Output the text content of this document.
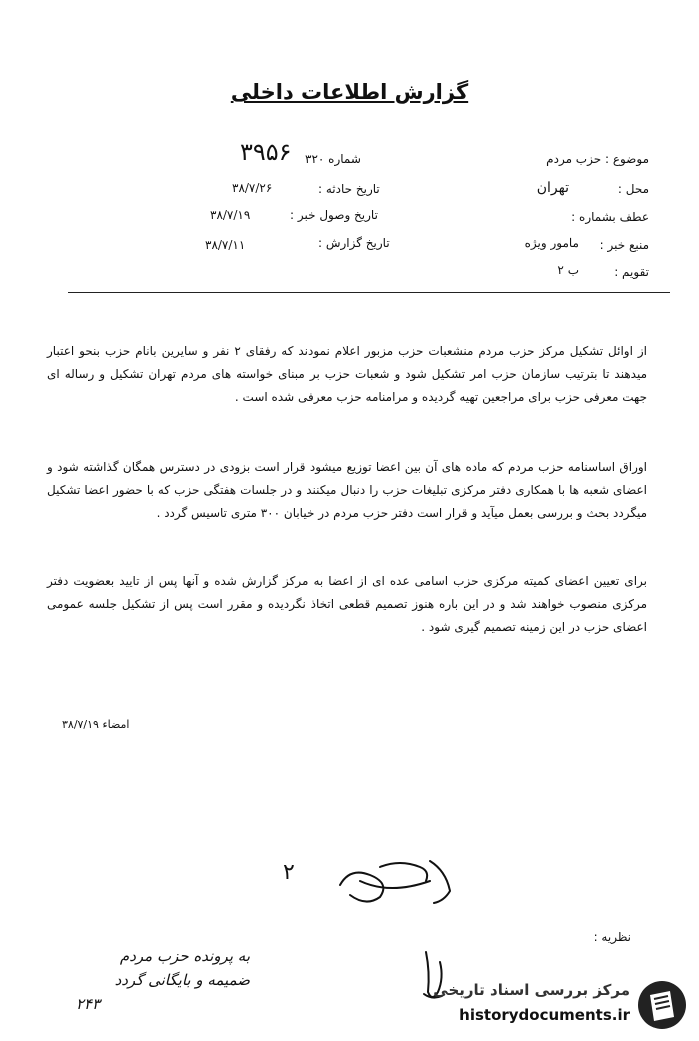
گزارش اطلاعات داخلی
موضوع : حزب مردم
محل :
تهران
عطف بشماره :
منبع خبر :
مامور ویژه
تقویم :
ب ۲
شماره ۳۲۰
۳۹۵۶
تاریخ حادثه :
۳۸/۷/۲۶
تاریخ وصول خبر :
۳۸/۷/۱۹
تاریخ گزارش :
۳۸/۷/۱۱
از اوائل تشکیل مرکز حزب مردم منشعبات حزب مزبور اعلام نمودند که رفقای ۲ نفر و سایرین بانام حزب بنحو اعتبار میدهند تا بترتیب سازمان حزب امر تشکیل شود و شعبات حزب بر مبنای خواسته های مردم تهران تشکیل و رساله ای جهت معرفی حزب برای مراجعین تهیه گردیده و مرامنامه حزب معرفی شده است .
اوراق اساسنامه حزب مردم که ماده های آن بین اعضا توزیع میشود قرار است بزودی در دسترس همگان گذاشته شود و اعضای شعبه ها با همکاری دفتر مرکزی تبلیغات حزب را دنبال میکنند و در جلسات هفتگی حزب که با حضور اعضا تشکیل میگردد بحث و بررسی بعمل میآید و قرار است دفتر حزب مردم در خیابان ۳۰۰ متری تاسیس گردد .
برای تعیین اعضای کمیته مرکزی حزب اسامی عده ای از اعضا به مرکز گزارش شده و آنها پس از تایید بعضویت دفتر مرکزی منصوب خواهند شد و در این باره هنوز تصمیم قطعی اتخاذ نگردیده و مقرر است پس از تشکیل جلسه عمومی اعضای حزب در این زمینه تصمیم گیری شود .
امضاء ۳۸/۷/۱۹
۲
نظریه :
به پرونده حزب مردم
ضمیمه و بایگانی گردد
۲۴۳
مرکز بررسی اسناد تاریخی
historydocuments.ir
